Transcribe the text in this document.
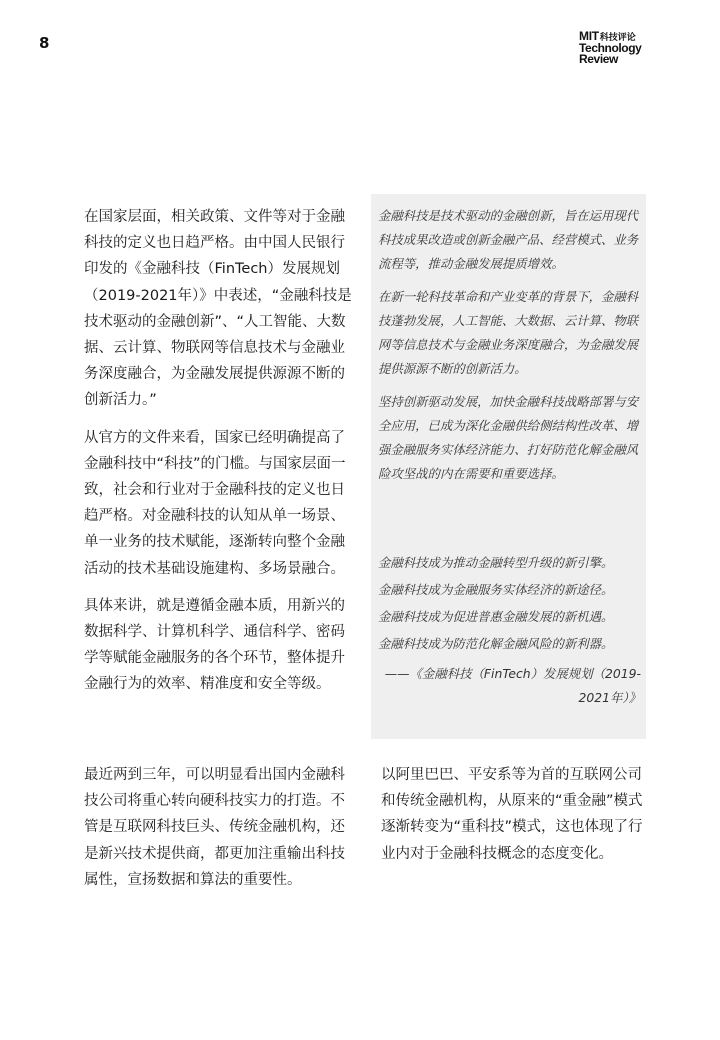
8	MIT科技评论
Technology
Review

在国家层面，相关政策、文件等对于金融科技的定义也日趋严格。由中国人民银行印发的《金融科技（FinTech）发展规划（2019-2021年）》中表述，“金融科技是技术驱动的金融创新”、“人工智能、大数据、云计算、物联网等信息技术与金融业务深度融合，为金融发展提供源源不断的创新活力。”

从官方的文件来看，国家已经明确提高了金融科技中“科技”的门槛。与国家层面一致，社会和行业对于金融科技的定义也日趋严格。对金融科技的认知从单一场景、单一业务的技术赋能，逐渐转向整个金融活动的技术基础设施建构、多场景融合。

具体来讲，就是遵循金融本质，用新兴的数据科学、计算机科学、通信科学、密码学等赋能金融服务的各个环节，整体提升金融行为的效率、精准度和安全等级。

金融科技是技术驱动的金融创新，旨在运用现代科技成果改造或创新金融产品、经营模式、业务流程等，推动金融发展提质增效。

在新一轮科技革命和产业变革的背景下，金融科技蓬勃发展，人工智能、大数据、云计算、物联网等信息技术与金融业务深度融合，为金融发展提供源源不断的创新活力。

坚持创新驱动发展，加快金融科技战略部署与安全应用，已成为深化金融供给侧结构性改革、增强金融服务实体经济能力、打好防范化解金融风险攻坚战的内在需要和重要选择。

金融科技成为推动金融转型升级的新引擎。
金融科技成为金融服务实体经济的新途径。
金融科技成为促进普惠金融发展的新机遇。
金融科技成为防范化解金融风险的新利器。
——《金融科技（FinTech）发展规划（2019-2021年）》

最近两到三年，可以明显看出国内金融科技公司将重心转向硬科技实力的打造。不管是互联网科技巨头、传统金融机构，还是新兴技术提供商，都更加注重输出科技属性，宣扬数据和算法的重要性。

以阿里巴巴、平安系等为首的互联网公司和传统金融机构，从原来的“重金融”模式逐渐转变为“重科技”模式，这也体现了行业内对于金融科技概念的态度变化。
